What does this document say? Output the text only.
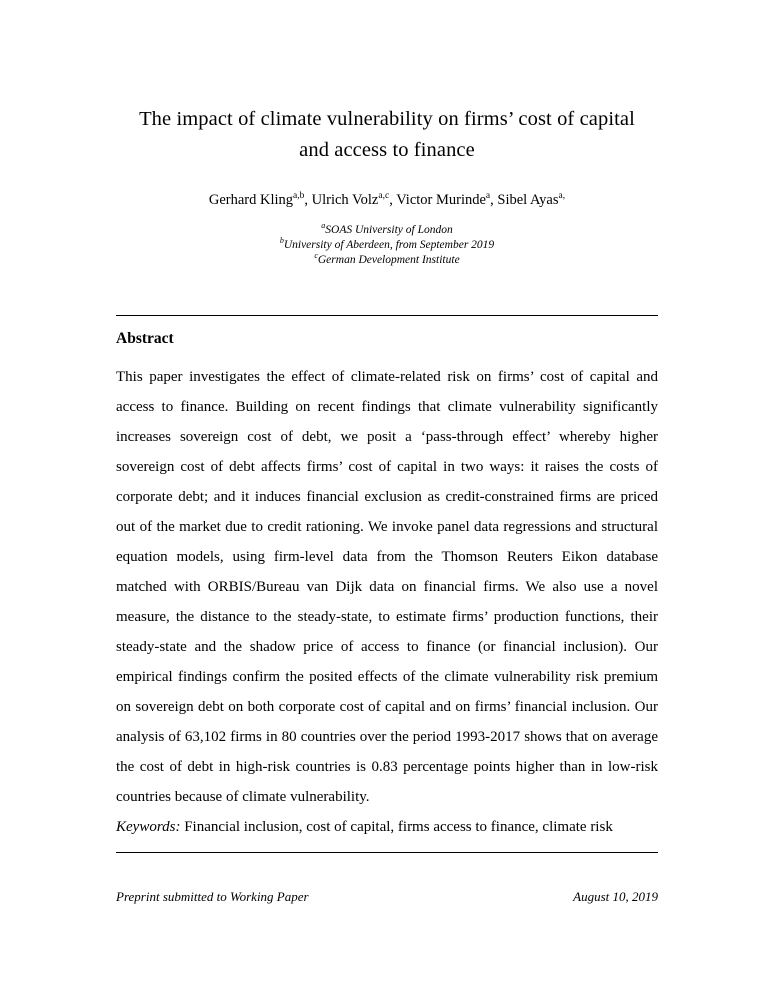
The impact of climate vulnerability on firms’ cost of capital and access to finance
Gerhard Kling$^{a,b}$, Ulrich Volz$^{a,c}$, Victor Murinde$^a$, Sibel Ayas$^{a,}$
$^a$SOAS University of London
$^b$University of Aberdeen, from September 2019
$^c$German Development Institute
Abstract

This paper investigates the effect of climate-related risk on firms’ cost of capital and access to finance. Building on recent findings that climate vulnerability significantly increases sovereign cost of debt, we posit a ‘pass-through effect’ whereby higher sovereign cost of debt affects firms’ cost of capital in two ways: it raises the costs of corporate debt; and it induces financial exclusion as credit-constrained firms are priced out of the market due to credit rationing. We invoke panel data regressions and structural equation models, using firm-level data from the Thomson Reuters Eikon database matched with ORBIS/Bureau van Dijk data on financial firms. We also use a novel measure, the distance to the steady-state, to estimate firms’ production functions, their steady-state and the shadow price of access to finance (or financial inclusion). Our empirical findings confirm the posited effects of the climate vulnerability risk premium on sovereign debt on both corporate cost of capital and on firms’ financial inclusion. Our analysis of 63,102 firms in 80 countries over the period 1993-2017 shows that on average the cost of debt in high-risk countries is 0.83 percentage points higher than in low-risk countries because of climate vulnerability.

Keywords: Financial inclusion, cost of capital, firms access to finance, climate risk

Preprint submitted to Working Paper	August 10, 2019
